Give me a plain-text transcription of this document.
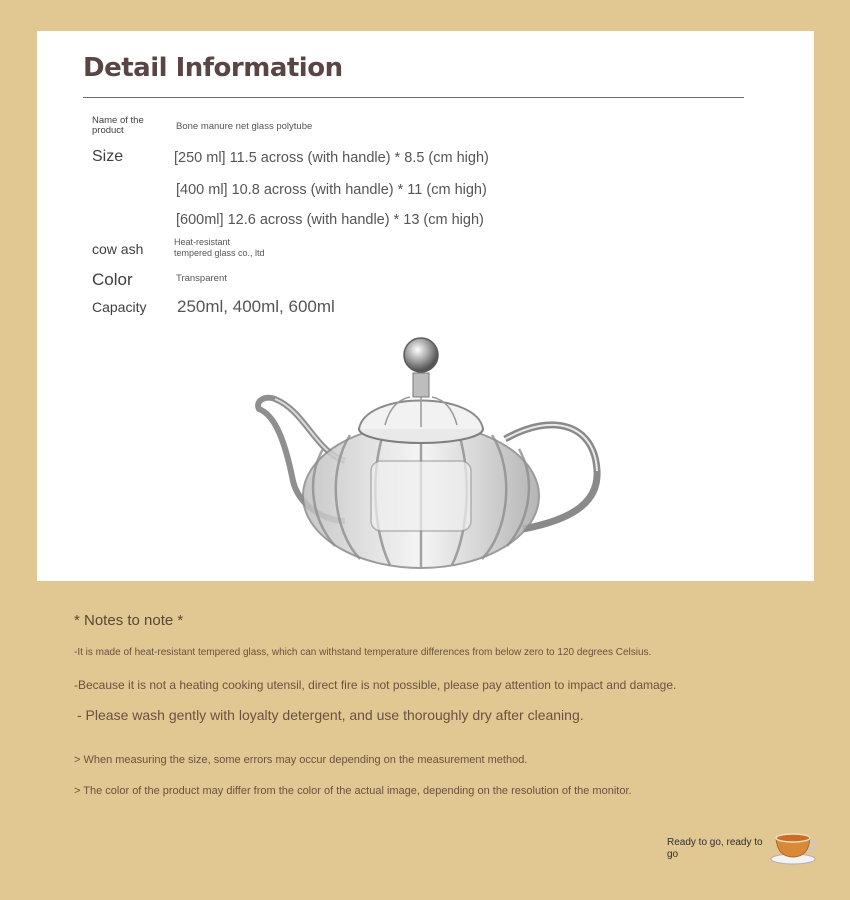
Detail Information
Name of the product	Bone manure net glass polytube
Size	[250 ml] 11.5 across (with handle) * 8.5 (cm high)
[400 ml] 10.8 across (with handle) * 11 (cm high)
[600ml] 12.6 across (with handle) * 13 (cm high)
cow ash	Heat-resistant
tempered glass co., ltd
Color	Transparent
Capacity 250ml, 400ml, 600ml
* Notes to note *
-It is made of heat-resistant tempered glass, which can withstand temperature differences from below zero to 120 degrees Celsius.
-Because it is not a heating cooking utensil, direct fire is not possible, please pay attention to impact and damage.
- Please wash gently with loyalty detergent, and use thoroughly dry after cleaning.
> When measuring the size, some errors may occur depending on the measurement method.
> The color of the product may differ from the color of the actual image, depending on the resolution of the monitor.
Ready to go, ready to go
